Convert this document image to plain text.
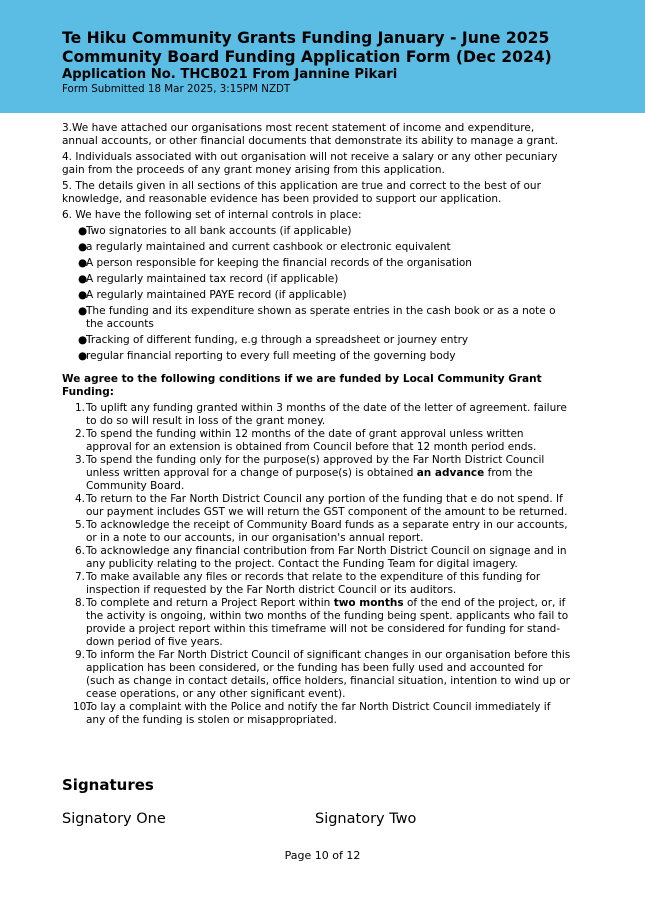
Te Hiku Community Grants Funding January - June 2025
Community Board Funding Application Form (Dec 2024)
Application No. THCB021 From Jannine Pikari
Form Submitted 18 Mar 2025, 3:15PM NZDT

3.We have attached our organisations most recent statement of income and expenditure, annual accounts, or other financial documents that demonstrate its ability to manage a grant.

4. Individuals associated with out organisation will not receive a salary or any other pecuniary gain from the proceeds of any grant money arising from this application.

5. The details given in all sections of this application are true and correct to the best of our knowledge, and reasonable evidence has been provided to support our application.

6. We have the following set of internal controls in place:

●
Two signatories to all bank accounts (if applicable)
●
a regularly maintained and current cashbook or electronic equivalent
●
A person responsible for keeping the financial records of the organisation
●
A regularly maintained tax record (if applicable)
●
A regularly maintained PAYE record (if applicable)
●
The funding and its expenditure shown as sperate entries in the cash book or as a note o the accounts
●
Tracking of different funding, e.g through a spreadsheet or journey entry
●
regular financial reporting to every full meeting of the governing body

We agree to the following conditions if we are funded by Local Community Grant Funding:

1. To uplift any funding granted within 3 months of the date of the letter of agreement. failure to do so will result in loss of the grant money.
2. To spend the funding within 12 months of the date of grant approval unless written approval for an extension is obtained from Council before that 12 month period ends.
3. To spend the funding only for the purpose(s) approved by the Far North District Council unless written approval for a change of purpose(s) is obtained an advance from the Community Board.
4. To return to the Far North District Council any portion of the funding that e do not spend. If our payment includes GST we will return the GST component of the amount to be returned.
5. To acknowledge the receipt of Community Board funds as a separate entry in our accounts, or in a note to our accounts, in our organisation's annual report.
6. To acknowledge any financial contribution from Far North District Council on signage and in any publicity relating to the project. Contact the Funding Team for digital imagery.
7. To make available any files or records that relate to the expenditure of this funding for inspection if requested by the Far North district Council or its auditors.
8. To complete and return a Project Report within two months of the end of the project, or, if the activity is ongoing, within two months of the funding being spent. applicants who fail to provide a project report within this timeframe will not be considered for funding for stand-down period of five years.
9. To inform the Far North District Council of significant changes in our organisation before this application has been considered, or the funding has been fully used and accounted for (such as change in contact details, office holders, financial situation, intention to wind up or cease operations, or any other significant event).
10.
To lay a complaint with the Police and notify the far North District Council immediately if any of the funding is stolen or misappropriated.
Signatures
Signatory One	Signatory Two
Page 10 of 12
